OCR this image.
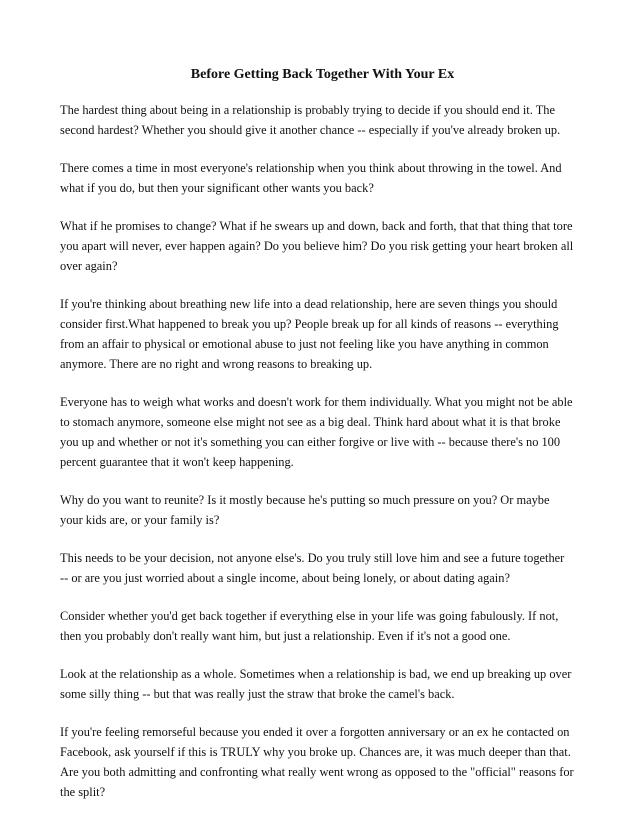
Before Getting Back Together With Your Ex
The hardest thing about being in a relationship is probably trying to decide if you should end it. The
second hardest? Whether you should give it another chance -- especially if you've already broken up.
There comes a time in most everyone's relationship when you think about throwing in the towel. And
what if you do, but then your significant other wants you back?
What if he promises to change? What if he swears up and down, back and forth, that that thing that tore
you apart will never, ever happen again? Do you believe him? Do you risk getting your heart broken all
over again?
If you're thinking about breathing new life into a dead relationship, here are seven things you should
consider first.What happened to break you up? People break up for all kinds of reasons -- everything
from an affair to physical or emotional abuse to just not feeling like you have anything in common
anymore. There are no right and wrong reasons to breaking up.
Everyone has to weigh what works and doesn't work for them individually. What you might not be able
to stomach anymore, someone else might not see as a big deal. Think hard about what it is that broke
you up and whether or not it's something you can either forgive or live with -- because there's no 100
percent guarantee that it won't keep happening.
Why do you want to reunite? Is it mostly because he's putting so much pressure on you? Or maybe
your kids are, or your family is?
This needs to be your decision, not anyone else's. Do you truly still love him and see a future together
-- or are you just worried about a single income, about being lonely, or about dating again?
Consider whether you'd get back together if everything else in your life was going fabulously. If not,
then you probably don't really want him, but just a relationship. Even if it's not a good one.
Look at the relationship as a whole. Sometimes when a relationship is bad, we end up breaking up over
some silly thing -- but that was really just the straw that broke the camel's back.
If you're feeling remorseful because you ended it over a forgotten anniversary or an ex he contacted on
Facebook, ask yourself if this is TRULY why you broke up. Chances are, it was much deeper than that.
Are you both admitting and confronting what really went wrong as opposed to the "official" reasons for
the split?
